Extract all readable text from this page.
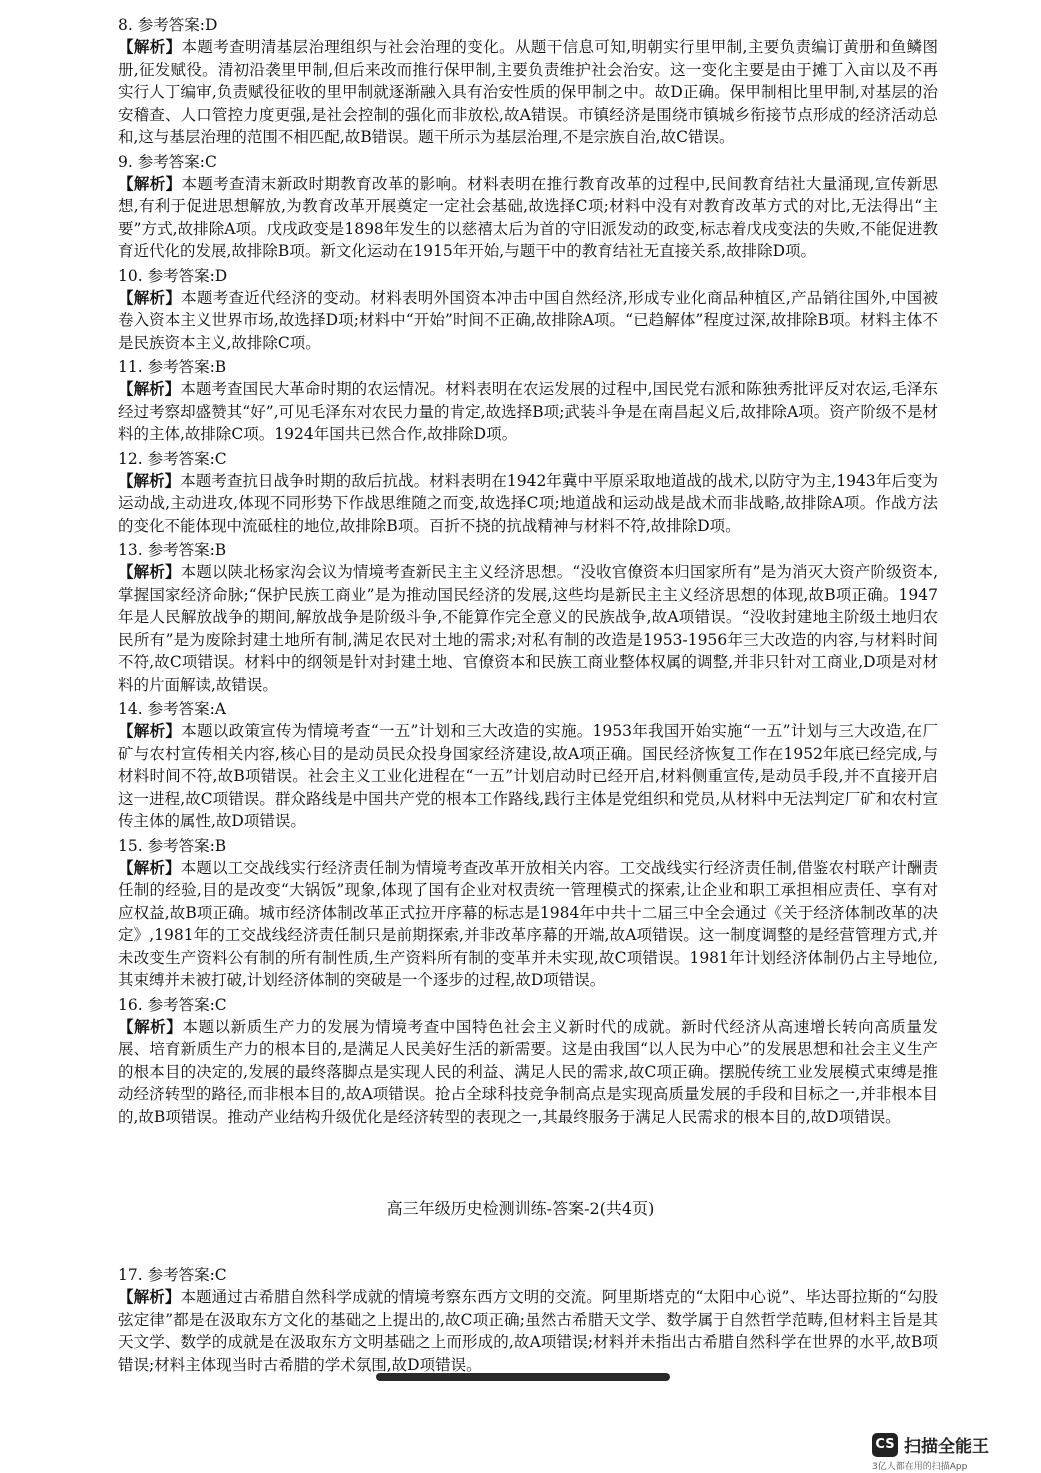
8. 参考答案:D

【解析】本题考查明清基层治理组织与社会治理的变化。从题干信息可知,明朝实行里甲制,主要负责编订黄册和鱼鳞图册,征发赋役。清初沿袭里甲制,但后来改而推行保甲制,主要负责维护社会治安。这一变化主要是由于摊丁入亩以及不再实行人丁编审,负责赋役征收的里甲制就逐渐融入具有治安性质的保甲制之中。故D正确。保甲制相比里甲制,对基层的治安稽查、人口管控力度更强,是社会控制的强化而非放松,故A错误。市镇经济是围绕市镇城乡衔接节点形成的经济活动总和,这与基层治理的范围不相匹配,故B错误。题干所示为基层治理,不是宗族自治,故C错误。

9. 参考答案:C

【解析】本题考查清末新政时期教育改革的影响。材料表明在推行教育改革的过程中,民间教育结社大量涌现,宣传新思想,有利于促进思想解放,为教育改革开展奠定一定社会基础,故选择C项;材料中没有对教育改革方式的对比,无法得出“主要”方式,故排除A项。戊戌政变是1898年发生的以慈禧太后为首的守旧派发动的政变,标志着戊戌变法的失败,不能促进教育近代化的发展,故排除B项。新文化运动在1915年开始,与题干中的教育结社无直接关系,故排除D项。

10. 参考答案:D

【解析】本题考查近代经济的变动。材料表明外国资本冲击中国自然经济,形成专业化商品种植区,产品销往国外,中国被卷入资本主义世界市场,故选择D项;材料中“开始”时间不正确,故排除A项。“已趋解体”程度过深,故排除B项。材料主体不是民族资本主义,故排除C项。

11. 参考答案:B

【解析】本题考查国民大革命时期的农运情况。材料表明在农运发展的过程中,国民党右派和陈独秀批评反对农运,毛泽东经过考察却盛赞其“好”,可见毛泽东对农民力量的肯定,故选择B项;武装斗争是在南昌起义后,故排除A项。资产阶级不是材料的主体,故排除C项。1924年国共已然合作,故排除D项。

12. 参考答案:C

【解析】本题考查抗日战争时期的敌后抗战。材料表明在1942年冀中平原采取地道战的战术,以防守为主,1943年后变为运动战,主动进攻,体现不同形势下作战思维随之而变,故选择C项;地道战和运动战是战术而非战略,故排除A项。作战方法的变化不能体现中流砥柱的地位,故排除B项。百折不挠的抗战精神与材料不符,故排除D项。

13. 参考答案:B

【解析】本题以陕北杨家沟会议为情境考查新民主主义经济思想。“没收官僚资本归国家所有”是为消灭大资产阶级资本,掌握国家经济命脉;“保护民族工商业”是为推动国民经济的发展,这些均是新民主主义经济思想的体现,故B项正确。1947年是人民解放战争的期间,解放战争是阶级斗争,不能算作完全意义的民族战争,故A项错误。“没收封建地主阶级土地归农民所有”是为废除封建土地所有制,满足农民对土地的需求;对私有制的改造是1953-1956年三大改造的内容,与材料时间不符,故C项错误。材料中的纲领是针对封建土地、官僚资本和民族工商业整体权属的调整,并非只针对工商业,D项是对材料的片面解读,故错误。

14. 参考答案:A

【解析】本题以政策宣传为情境考查“一五”计划和三大改造的实施。1953年我国开始实施“一五”计划与三大改造,在厂矿与农村宣传相关内容,核心目的是动员民众投身国家经济建设,故A项正确。国民经济恢复工作在1952年底已经完成,与材料时间不符,故B项错误。社会主义工业化进程在“一五”计划启动时已经开启,材料侧重宣传,是动员手段,并不直接开启这一进程,故C项错误。群众路线是中国共产党的根本工作路线,践行主体是党组织和党员,从材料中无法判定厂矿和农村宣传主体的属性,故D项错误。

15. 参考答案:B

【解析】本题以工交战线实行经济责任制为情境考查改革开放相关内容。工交战线实行经济责任制,借鉴农村联产计酬责任制的经验,目的是改变“大锅饭”现象,体现了国有企业对权责统一管理模式的探索,让企业和职工承担相应责任、享有对应权益,故B项正确。城市经济体制改革正式拉开序幕的标志是1984年中共十二届三中全会通过《关于经济体制改革的决定》,1981年的工交战线经济责任制只是前期探索,并非改革序幕的开端,故A项错误。这一制度调整的是经营管理方式,并未改变生产资料公有制的所有制性质,生产资料所有制的变革并未实现,故C项错误。1981年计划经济体制仍占主导地位,其束缚并未被打破,计划经济体制的突破是一个逐步的过程,故D项错误。

16. 参考答案:C

【解析】本题以新质生产力的发展为情境考查中国特色社会主义新时代的成就。新时代经济从高速增长转向高质量发展、培育新质生产力的根本目的,是满足人民美好生活的新需要。这是由我国“以人民为中心”的发展思想和社会主义生产的根本目的决定的,发展的最终落脚点是实现人民的利益、满足人民的需求,故C项正确。摆脱传统工业发展模式束缚是推动经济转型的路径,而非根本目的,故A项错误。抢占全球科技竞争制高点是实现高质量发展的手段和目标之一,并非根本目的,故B项错误。推动产业结构升级优化是经济转型的表现之一,其最终服务于满足人民需求的根本目的,故D项错误。

高三年级历史检测训练-答案-2(共4页)

17. 参考答案:C

【解析】本题通过古希腊自然科学成就的情境考察东西方文明的交流。阿里斯塔克的“太阳中心说”、毕达哥拉斯的“勾股弦定律”都是在汲取东方文化的基础之上提出的,故C项正确;虽然古希腊天文学、数学属于自然哲学范畴,但材料主旨是其天文学、数学的成就是在汲取东方文明基础之上而形成的,故A项错误;材料并未指出古希腊自然科学在世界的水平,故B项错误;材料主体现当时古希腊的学术氛围,故D项错误。

CS 扫描全能王
3亿人都在用的扫描App
